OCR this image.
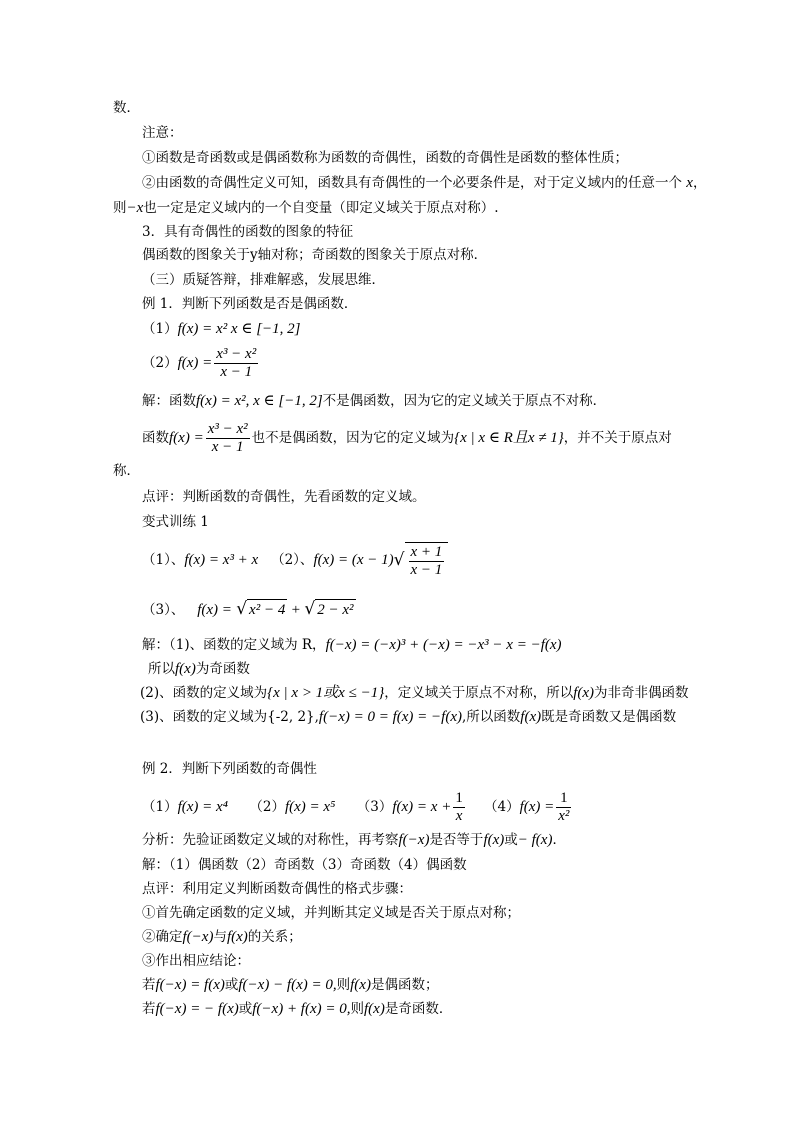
数．
注意：
①函数是奇函数或是偶函数称为函数的奇偶性，函数的奇偶性是函数的整体性质；
②由函数的奇偶性定义可知，函数具有奇偶性的一个必要条件是，对于定义域内的任意一个 x，
则−x也一定是定义域内的一个自变量（即定义域关于原点对称）.
3．具有奇偶性的函数的图象的特征
偶函数的图象关于y轴对称；奇函数的图象关于原点对称．
（三）质疑答辩，排难解惑，发展思维．
例 1．判断下列函数是否是偶函数．
（1）f(x) = x² x ∈ [−1, 2]
$(2)f(x) = \frac{\text{x³ − x²}}{x - 1}$
解：函数f(x) = x², x ∈ [−1, 2]不是偶函数，因为它的定义域关于原点不对称．
函数$f(x) = \frac{\text{x³ − x²}}{x - 1}$ 也不是偶函数，因为它的定义域为{x | x ∈ R且x ≠ 1}，并不关于原点对
称．
点评：判断函数的奇偶性，先看函数的定义域。
变式训练 1
（1）、f(x) = x³ + x （2）、$f(x) = (x - 1)√ \frac{x + 1}{x - 1}$
（3）、 f(x) = √ x² − 4 + √ 2 − x²
解：（1)、函数的定义域为 R，f(−x) = (−x)³ + (−x) = −x³ − x = −f(x)
所以f(x)为奇函数
(2)、函数的定义域为{x | x > 1或x ≤ −1}，定义域关于原点不对称，所以f(x)为非奇非偶函数
(3)、函数的定义域为{-2, 2},f(−x) = 0 = f(x) = −f(x),所以函数f(x)既是奇函数又是偶函数
例 2．判断下列函数的奇偶性
（1）f(x) = x⁴ （2）f(x) = x⁵ $(3)f(x) = x + \frac{1}{x} (4)f(x) = \frac{1}{\text{x²}}$
分析：先验证函数定义域的对称性，再考察f(−x)是否等于f(x)或− f(x)．
解：（1）偶函数（2）奇函数（3）奇函数（4）偶函数
点评：利用定义判断函数奇偶性的格式步骤：
①首先确定函数的定义域，并判断其定义域是否关于原点对称；
②确定f(−x)与f(x)的关系；
③作出相应结论：
若f(−x) = f(x)或f(−x) − f(x) = 0,则f(x)是偶函数；
若f(−x) = − f(x)或f(−x) + f(x) = 0,则f(x)是奇函数．
